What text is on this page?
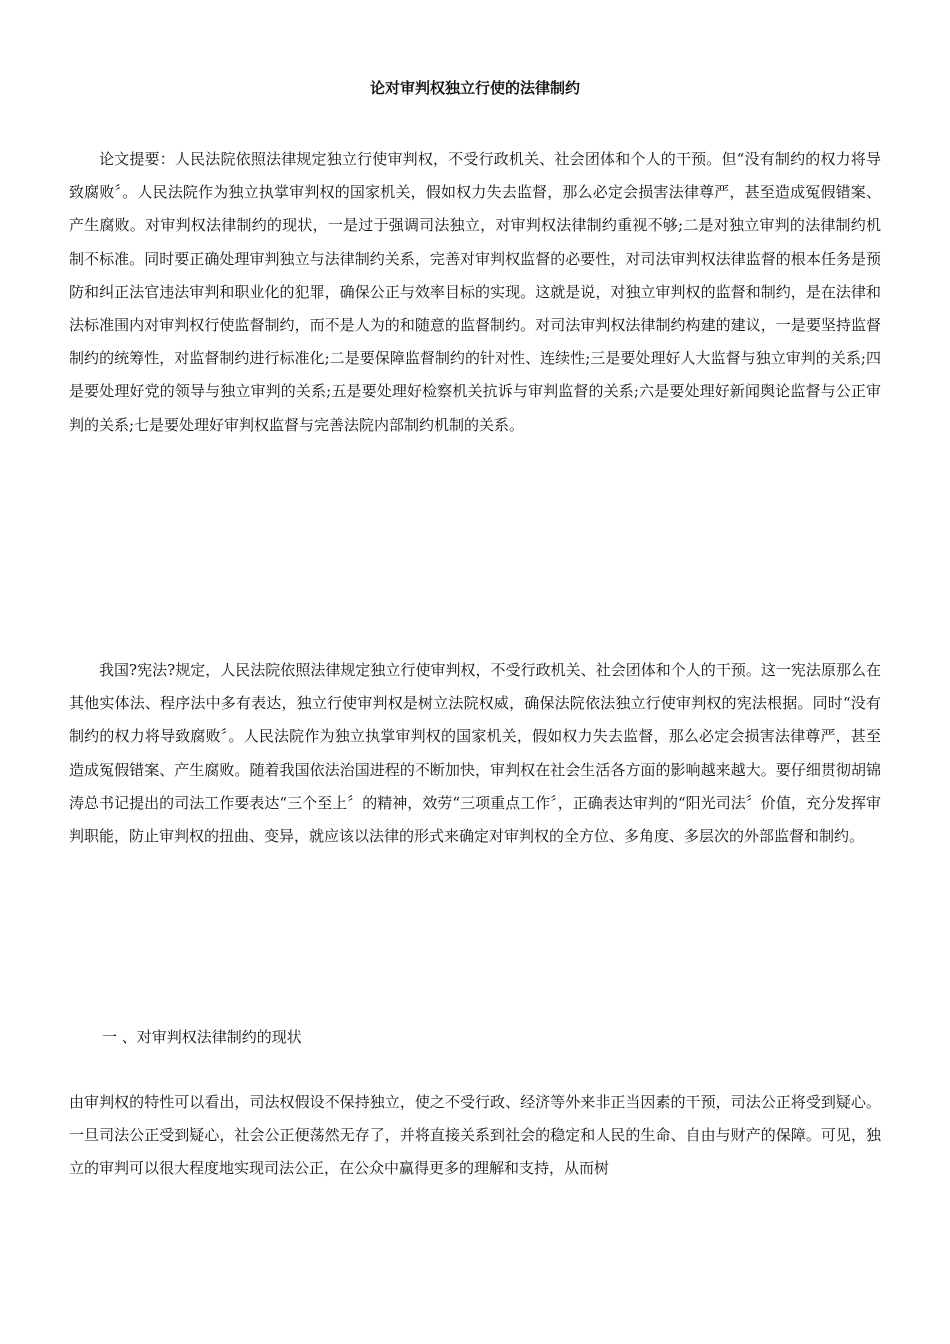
论对审判权独立行使的法律制约

论文提要：人民法院依照法律规定独立行使审判权，不受行政机关、社会团体和个人的干预。但“没有制约的权力将导致腐败〞。人民法院作为独立执掌审判权的国家机关，假如权力失去监督，那么必定会损害法律尊严，甚至造成冤假错案、产生腐败。对审判权法律制约的现状，一是过于强调司法独立，对审判权法律制约重视不够;二是对独立审判的法律制约机制不标准。同时要正确处理审判独立与法律制约关系，完善对审判权监督的必要性，对司法审判权法律监督的根本任务是预防和纠正法官违法审判和职业化的犯罪，确保公正与效率目标的实现。这就是说，对独立审判权的监督和制约，是在法律和法标准围内对审判权行使监督制约，而不是人为的和随意的监督制约。对司法审判权法律制约构建的建议，一是要坚持监督制约的统筹性，对监督制约进行标准化;二是要保障监督制约的针对性、连续性;三是要处理好人大监督与独立审判的关系;四是要处理好党的领导与独立审判的关系;五是要处理好检察机关抗诉与审判监督的关系;六是要处理好新闻舆论监督与公正审判的关系;七是要处理好审判权监督与完善法院内部制约机制的关系。

我国?宪法?规定，人民法院依照法律规定独立行使审判权，不受行政机关、社会团体和个人的干预。这一宪法原那么在其他实体法、程序法中多有表达，独立行使审判权是树立法院权威，确保法院依法独立行使审判权的宪法根据。同时“没有制约的权力将导致腐败〞。人民法院作为独立执掌审判权的国家机关，假如权力失去监督，那么必定会损害法律尊严，甚至造成冤假错案、产生腐败。随着我国依法治国进程的不断加快，审判权在社会生活各方面的影响越来越大。要仔细贯彻胡锦涛总书记提出的司法工作要表达“三个至上〞的精神，效劳“三项重点工作〞，正确表达审判的“阳光司法〞价值，充分发挥审判职能，防止审判权的扭曲、变异，就应该以法律的形式来确定对审判权的全方位、多角度、多层次的外部监督和制约。

一 、对审判权法律制约的现状

由审判权的特性可以看出，司法权假设不保持独立，使之不受行政、经济等外来非正当因素的干预，司法公正将受到疑心。一旦司法公正受到疑心，社会公正便荡然无存了，并将直接关系到社会的稳定和人民的生命、自由与财产的保障。可见，独立的审判可以很大程度地实现司法公正，在公众中赢得更多的理解和支持，从而树
